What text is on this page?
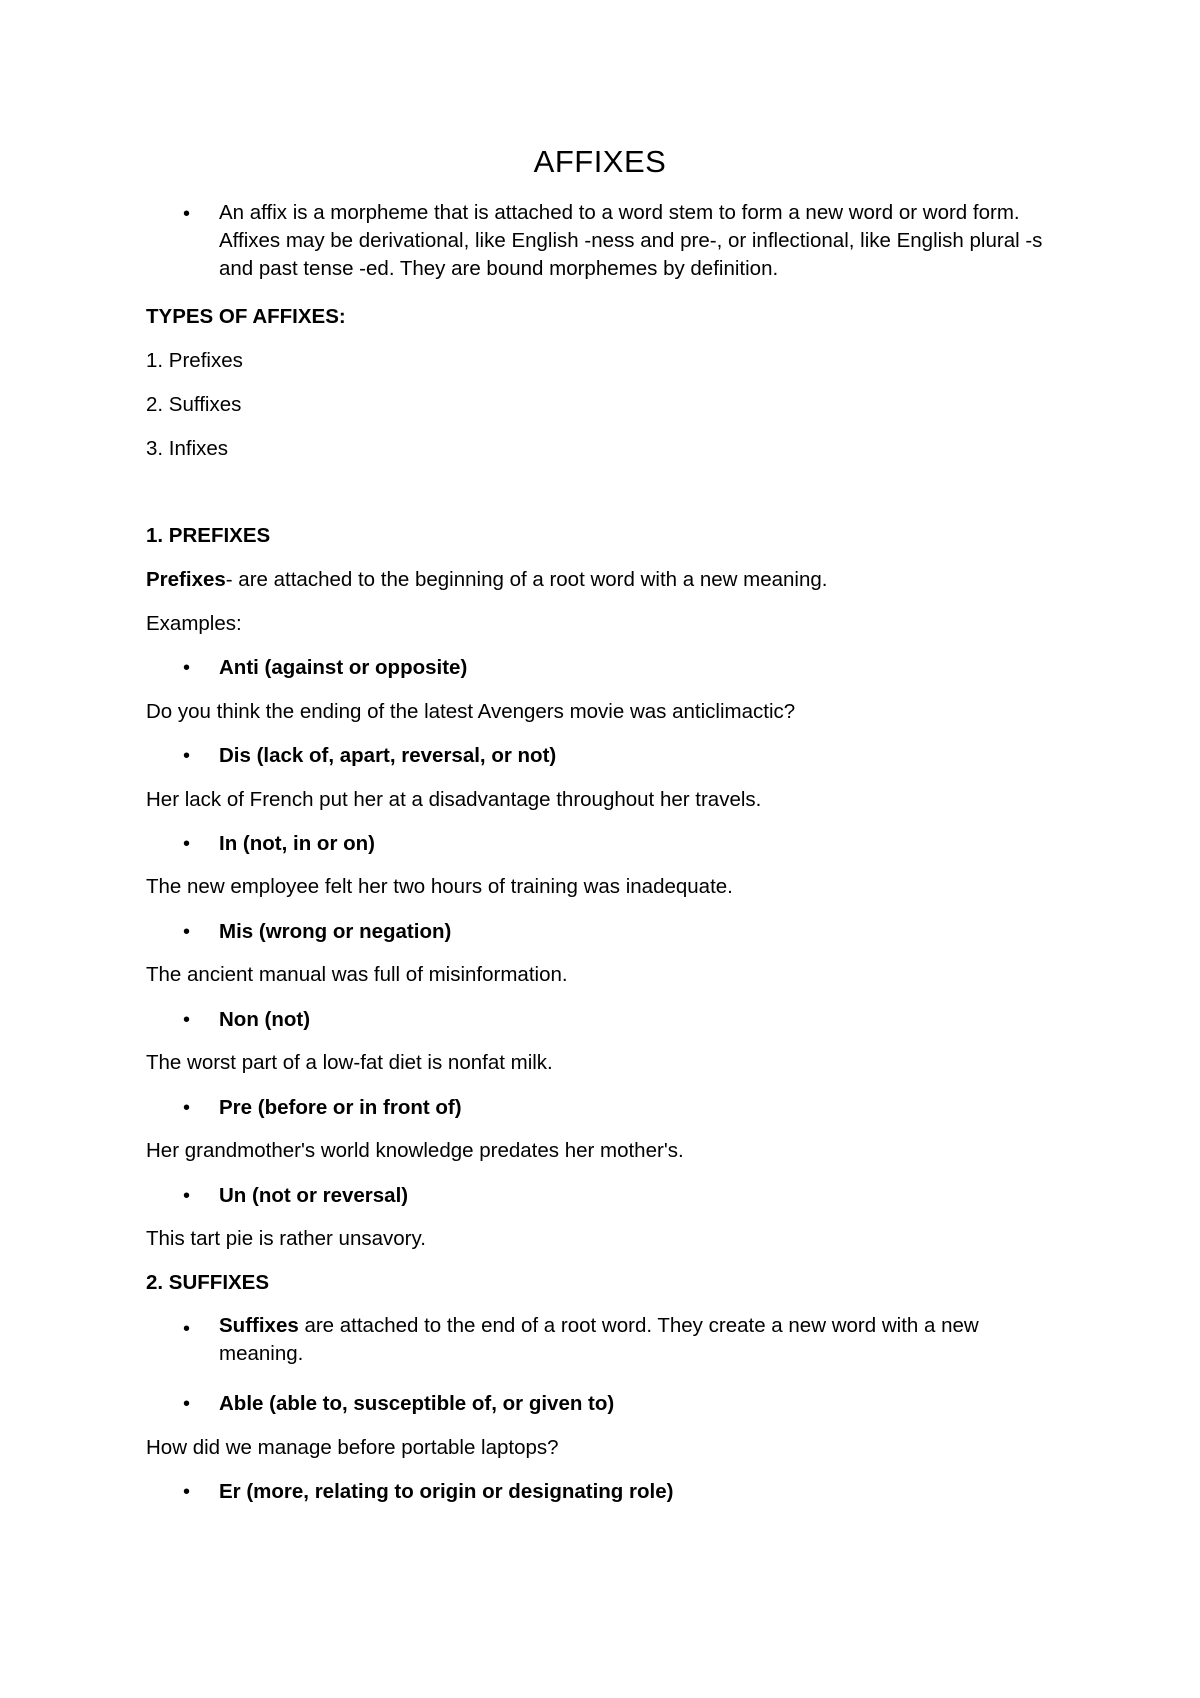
AFFIXES
• An affix is a morpheme that is attached to a word stem to form a new word or word form. Affixes may be derivational, like English -ness and pre-, or inflectional, like English plural -s and past tense -ed. They are bound morphemes by definition.
TYPES OF AFFIXES:
1. Prefixes
2. Suffixes
3. Infixes
1. PREFIXES
Prefixes- are attached to the beginning of a root word with a new meaning.
Examples:
• Anti (against or opposite)
Do you think the ending of the latest Avengers movie was anticlimactic?
• Dis (lack of, apart, reversal, or not)
Her lack of French put her at a disadvantage throughout her travels.
• In (not, in or on)
The new employee felt her two hours of training was inadequate.
• Mis (wrong or negation)
The ancient manual was full of misinformation.
• Non (not)
The worst part of a low-fat diet is nonfat milk.
• Pre (before or in front of)
Her grandmother's world knowledge predates her mother's.
• Un (not or reversal)
This tart pie is rather unsavory.
2. SUFFIXES
• Suffixes are attached to the end of a root word. They create a new word with a new meaning.
• Able (able to, susceptible of, or given to)
How did we manage before portable laptops?
• Er (more, relating to origin or designating role)
